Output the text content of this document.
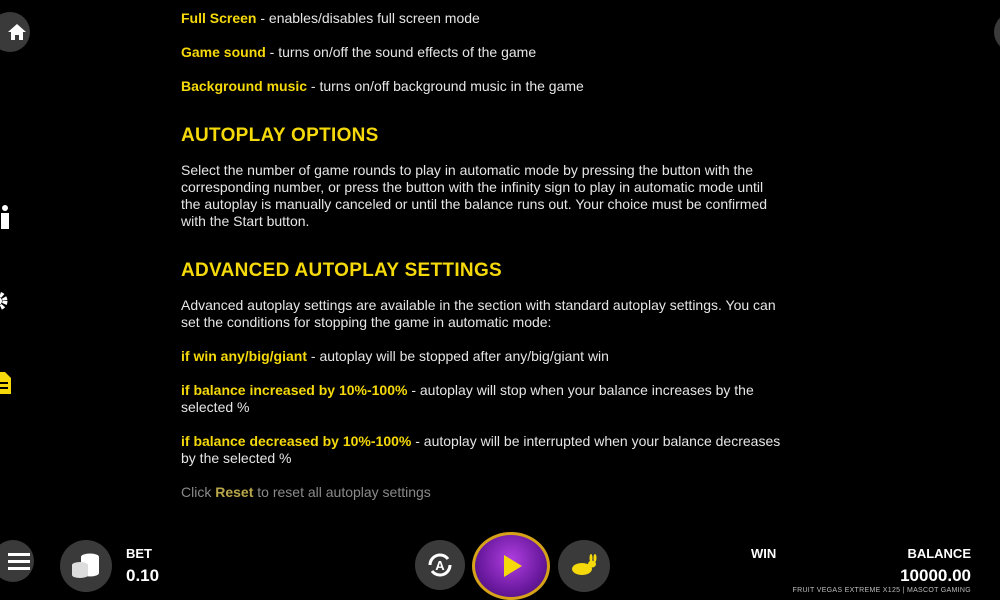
Full Screen - enables/disables full screen mode

Game sound - turns on/off the sound effects of the game

Background music - turns on/off background music in the game

AUTOPLAY OPTIONS

Select the number of game rounds to play in automatic mode by pressing the button with the

corresponding number, or press the button with the infinity sign to play in automatic mode until

the autoplay is manually canceled or until the balance runs out. Your choice must be confirmed

with the Start button.

ADVANCED AUTOPLAY SETTINGS

Advanced autoplay settings are available in the section with standard autoplay settings. You can

set the conditions for stopping the game in automatic mode:

if win any/big/giant - autoplay will be stopped after any/big/giant win

if balance increased by 10%-100% - autoplay will stop when your balance increases by the

selected %

if balance decreased by 10%-100% - autoplay will be interrupted when your balance decreases

by the selected %

Click Reset to reset all autoplay settings

BET
0.10
A
WIN	BALANCE
10000.00
FRUIT VEGAS EXTREME X125 | MASCOT GAMING
